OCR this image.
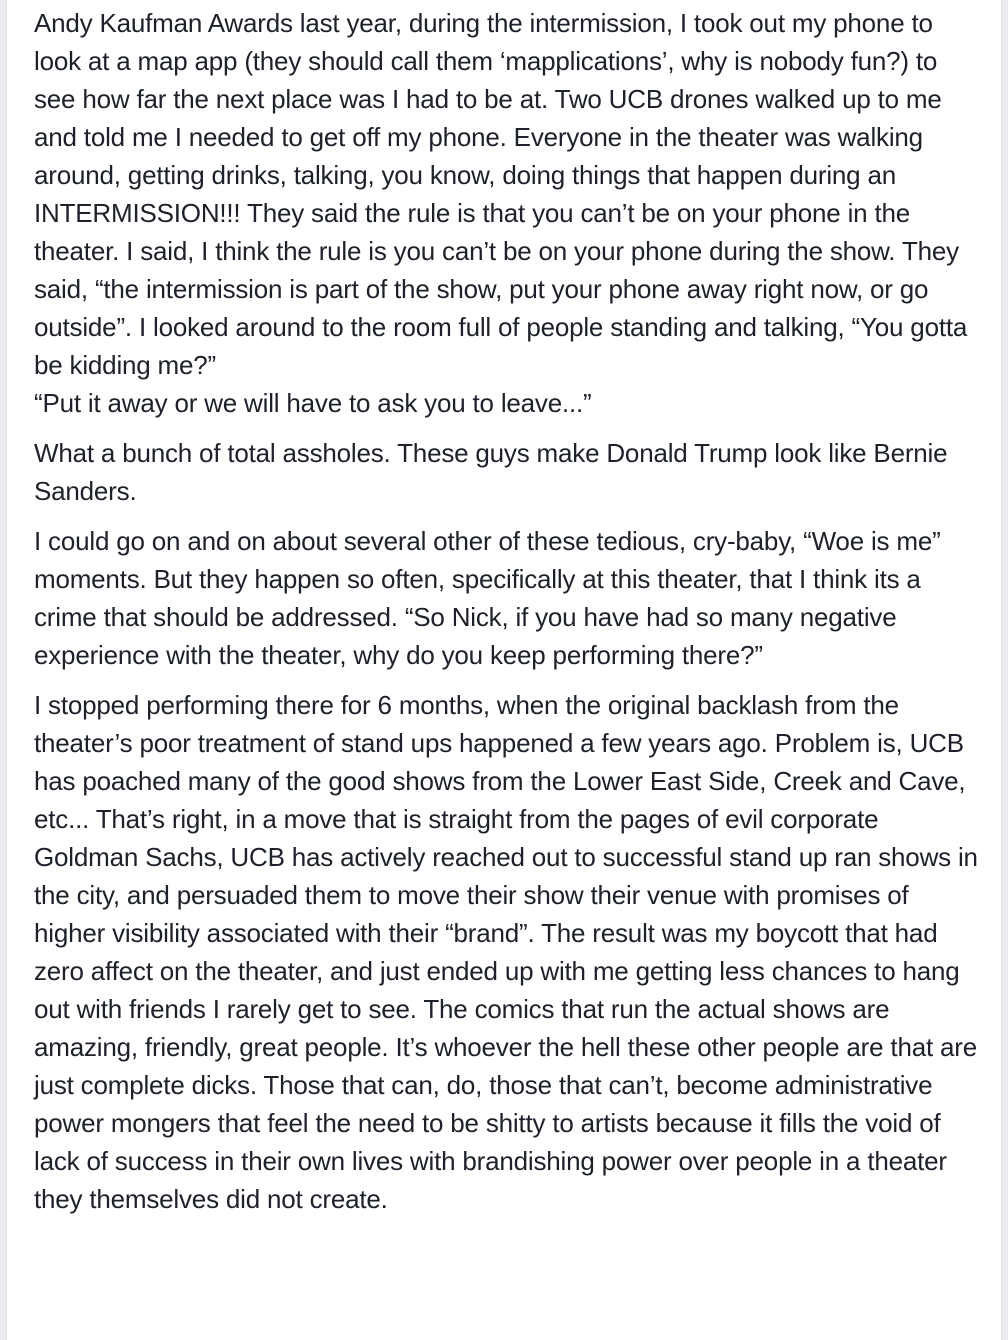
Andy Kaufman Awards last year, during the intermission, I took out my phone to look at a map app (they should call them ‘mapplications’, why is nobody fun?) to see how far the next place was I had to be at. Two UCB drones walked up to me and told me I needed to get off my phone. Everyone in the theater was walking around, getting drinks, talking, you know, doing things that happen during an INTERMISSION!!! They said the rule is that you can’t be on your phone in the theater. I said, I think the rule is you can’t be on your phone during the show. They said, “the intermission is part of the show, put your phone away right now, or go outside”. I looked around to the room full of people standing and talking, “You gotta be kidding me?”
“Put it away or we will have to ask you to leave...”

What a bunch of total assholes. These guys make Donald Trump look like Bernie Sanders.

I could go on and on about several other of these tedious, cry-baby, “Woe is me” moments. But they happen so often, specifically at this theater, that I think its a crime that should be addressed. “So Nick, if you have had so many negative experience with the theater, why do you keep performing there?”

I stopped performing there for 6 months, when the original backlash from the theater’s poor treatment of stand ups happened a few years ago. Problem is, UCB has poached many of the good shows from the Lower East Side, Creek and Cave, etc... That’s right, in a move that is straight from the pages of evil corporate Goldman Sachs, UCB has actively reached out to successful stand up ran shows in the city, and persuaded them to move their show their venue with promises of higher visibility associated with their “brand”. The result was my boycott that had zero affect on the theater, and just ended up with me getting less chances to hang out with friends I rarely get to see. The comics that run the actual shows are amazing, friendly, great people. It’s whoever the hell these other people are that are just complete dicks. Those that can, do, those that can’t, become administrative power mongers that feel the need to be shitty to artists because it fills the void of lack of success in their own lives with brandishing power over people in a theater they themselves did not create.
